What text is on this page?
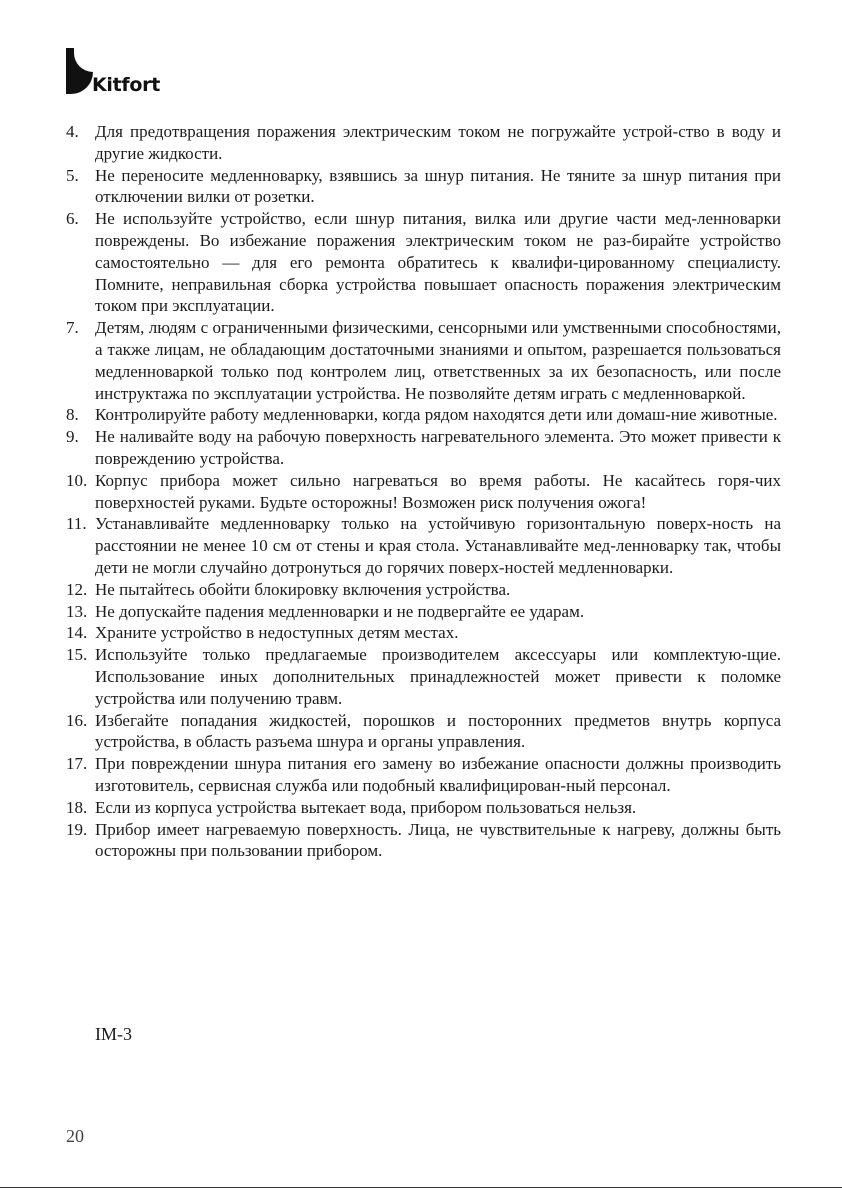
Kitfort
4. Для предотвращения поражения электрическим током не погружайте устрой-ство в воду и другие жидкости.
5. Не переносите медленноварку, взявшись за шнур питания. Не тяните за шнур питания при отключении вилки от розетки.
6. Не используйте устройство, если шнур питания, вилка или другие части мед-ленноварки повреждены. Во избежание поражения электрическим током не раз-бирайте устройство самостоятельно — для его ремонта обратитесь к квалифи-цированному специалисту. Помните, неправильная сборка устройства повышает опасность поражения электрическим током при эксплуатации.
7. Детям, людям с ограниченными физическими, сенсорными или умственными способностями, а также лицам, не обладающим достаточными знаниями и опытом, разрешается пользоваться медленноваркой только под контролем лиц, ответственных за их безопасность, или после инструктажа по эксплуатации устройства. Не позволяйте детям играть с медленноваркой.
8. Контролируйте работу медленноварки, когда рядом находятся дети или домаш-ние животные.
9. Не наливайте воду на рабочую поверхность нагревательного элемента. Это может привести к повреждению устройства.
10. Корпус прибора может сильно нагреваться во время работы. Не касайтесь горя-чих поверхностей руками. Будьте осторожны! Возможен риск получения ожога!
11. Устанавливайте медленноварку только на устойчивую горизонтальную поверх-ность на расстоянии не менее 10 см от стены и края стола. Устанавливайте мед-ленноварку так, чтобы дети не могли случайно дотронуться до горячих поверх-ностей медленноварки.
12. Не пытайтесь обойти блокировку включения устройства.
13. Не допускайте падения медленноварки и не подвергайте ее ударам.
14. Храните устройство в недоступных детям местах.
15. Используйте только предлагаемые производителем аксессуары или комплектую-щие. Использование иных дополнительных принадлежностей может привести к поломке устройства или получению травм.
16. Избегайте попадания жидкостей, порошков и посторонних предметов внутрь корпуса устройства, в область разъема шнура и органы управления.
17. При повреждении шнура питания его замену во избежание опасности должны производить изготовитель, сервисная служба или подобный квалифицирован-ный персонал.
18. Если из корпуса устройства вытекает вода, прибором пользоваться нельзя.
19. Прибор имеет нагреваемую поверхность. Лица, не чувствительные к нагреву, должны быть осторожны при пользовании прибором.
IM-3
20
